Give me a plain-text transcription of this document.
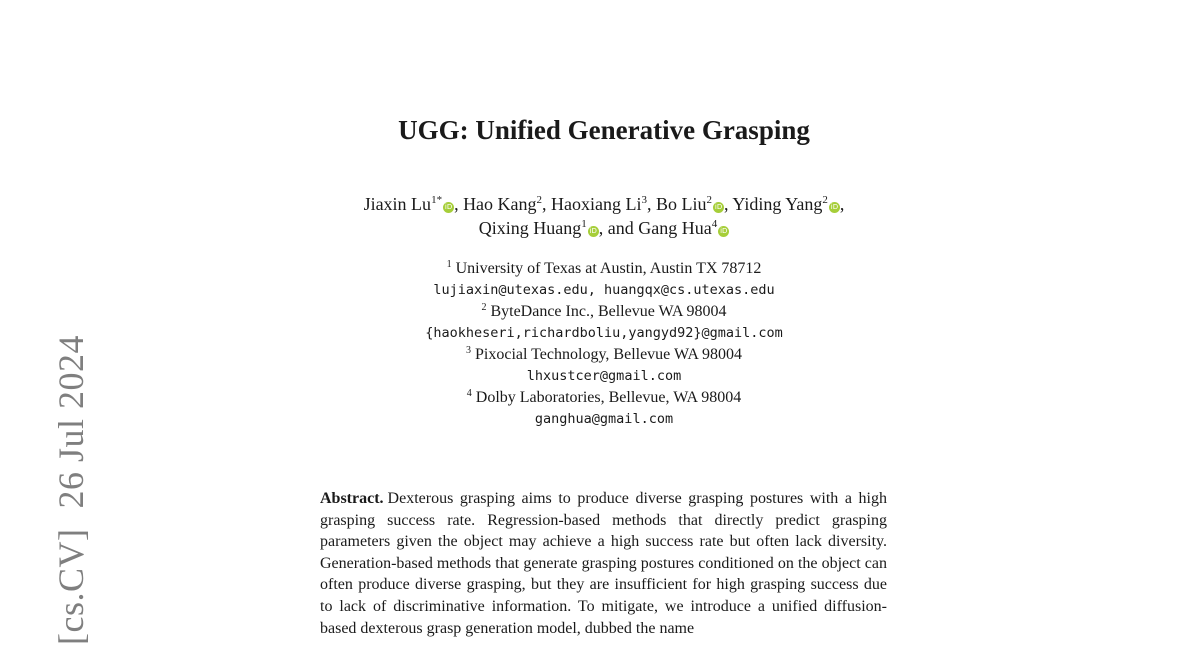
[cs.CV]26 Jul 2024
UGG: Unified Generative Grasping
Jiaxin $Lu^{1*}iD$ , Hao Kang$^2$, Haoxiang Li$^3$, Bo Liu$^2$iD , Yiding Yang$^2$iD ,
Qixing Huang$^1$iD , and Gang Hua$^4$iD
$^1$ University of Texas at Austin, Austin TX 78712
lujiaxin@utexas.edu, huangqx@cs.utexas.edu
$^2$ ByteDance Inc., Bellevue WA 98004
{haokheseri,richardboliu,yangyd92}@gmail.com
$^3$ Pixocial Technology, Bellevue WA 98004
lhxustcer@gmail.com
$^4$ Dolby Laboratories, Bellevue, WA 98004
ganghua@gmail.com
Abstract. Dexterous grasping aims to produce diverse grasping postures with a high grasping success rate. Regression-based methods that directly predict grasping parameters given the object may achieve a high success rate but often lack diversity. Generation-based methods that generate grasping postures conditioned on the object can often produce diverse grasping, but they are insufficient for high grasping success due to lack of discriminative information. To mitigate, we introduce a unified diffusion-based dexterous grasp generation model, dubbed the name
